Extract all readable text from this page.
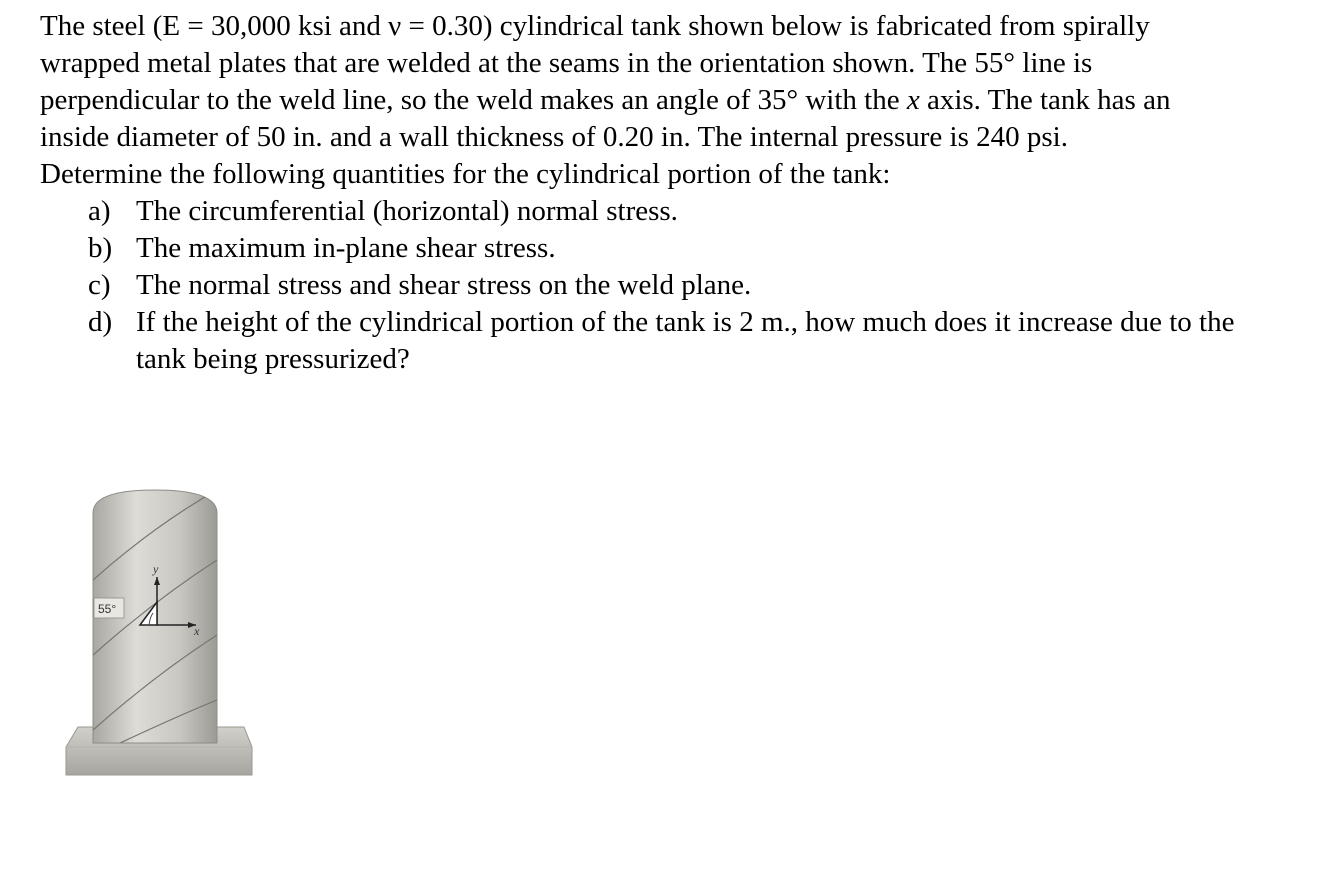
The steel (E = 30,000 ksi and ν = 0.30) cylindrical tank shown below is fabricated from spirally wrapped metal plates that are welded at the seams in the orientation shown. The 55° line is perpendicular to the weld line, so the weld makes an angle of 35° with the x axis. The tank has an inside diameter of 50 in. and a wall thickness of 0.20 in. The internal pressure is 240 psi.

Determine the following quantities for the cylindrical portion of the tank:

a) The circumferential (horizontal) normal stress.
b) The maximum in-plane shear stress.
c) The normal stress and shear stress on the weld plane.
d) If the height of the cylindrical portion of the tank is 2 m., how much does it increase due to the tank being pressurized?
55°
y
x
